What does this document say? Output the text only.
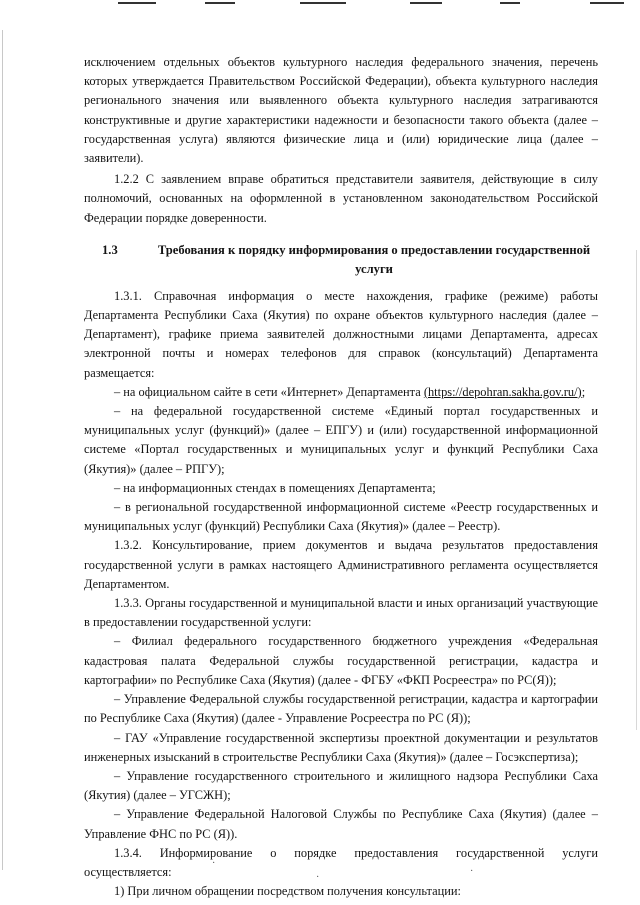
исключением отдельных объектов культурного наследия федерального значения, перечень которых утверждается Правительством Российской Федерации), объекта культурного наследия регионального значения или выявленного объекта культурного наследия затрагиваются конструктивные и другие характеристики надежности и безопасности такого объекта (далее – государственная услуга) являются физические лица и (или) юридические лица (далее – заявители).

1.2.2 С заявлением вправе обратиться представители заявителя, действующие в силу полномочий, основанных на оформленной в установленном законодательством Российской Федерации порядке доверенности.

1.3	Требования к порядку информирования о предоставлении государственной услуги

1.3.1. Справочная информация о месте нахождения, графике (режиме) работы Департамента Республики Саха (Якутия) по охране объектов культурного наследия (далее – Департамент), графике приема заявителей должностными лицами Департамента, адресах электронной почты и номерах телефонов для справок (консультаций) Департамента размещается:

– на официальном сайте в сети «Интернет» Департамента (https://depohran.sakha.gov.ru/);

– на федеральной государственной системе «Единый портал государственных и муниципальных услуг (функций)» (далее – ЕПГУ) и (или) государственной информационной системе «Портал государственных и муниципальных услуг и функций Республики Саха (Якутия)» (далее – РПГУ);

– на информационных стендах в помещениях Департамента;

– в региональной государственной информационной системе «Реестр государственных и муниципальных услуг (функций) Республики Саха (Якутия)» (далее – Реестр).

1.3.2. Консультирование, прием документов и выдача результатов предоставления государственной услуги в рамках настоящего Административного регламента осуществляется Департаментом.

1.3.3. Органы государственной и муниципальной власти и иных организаций участвующие в предоставлении государственной услуги:

– Филиал федерального государственного бюджетного учреждения «Федеральная кадастровая палата Федеральной службы государственной регистрации, кадастра и картографии» по Республике Саха (Якутия) (далее - ФГБУ «ФКП Росреестра» по РС(Я));

– Управление Федеральной службы государственной регистрации, кадастра и картографии по Республике Саха (Якутия) (далее - Управление Росреестра по РС (Я));

– ГАУ «Управление государственной экспертизы проектной документации и результатов инженерных изысканий в строительстве Республики Саха (Якутия)» (далее – Госэкспертиза);

– Управление государственного строительного и жилищного надзора Республики Саха (Якутия) (далее – УГСЖН);

– Управление Федеральной Налоговой Службы по Республике Саха (Якутия) (далее – Управление ФНС по РС (Я)).

1.3.4. Информирование о порядке предоставления государственной услуги осуществляется:

1) При личном обращении посредством получения консультации:

·
·
·
